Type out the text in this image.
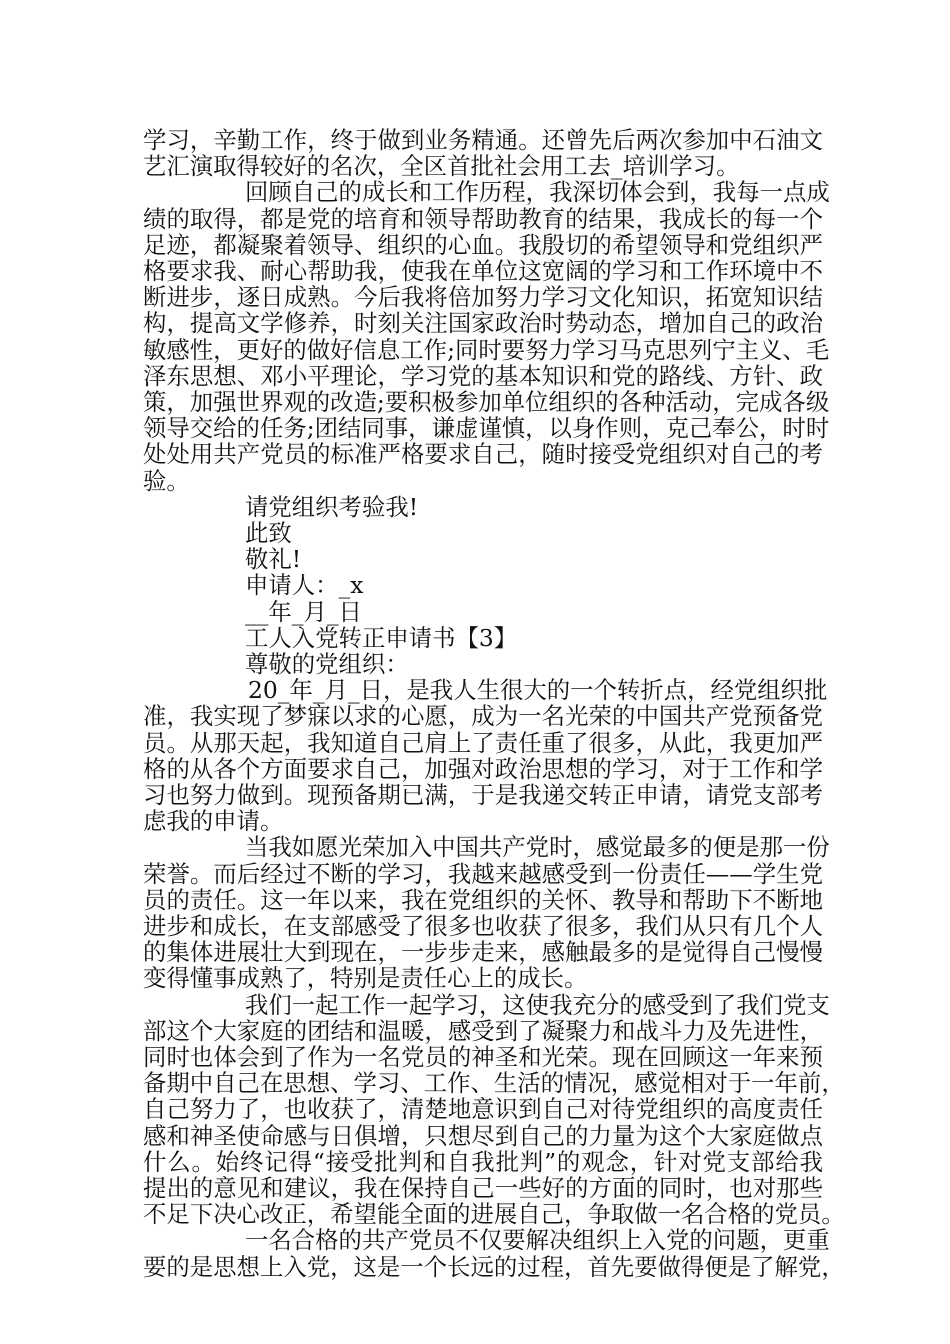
学习，辛勤工作，终于做到业务精通。还曾先后两次参加中石油文
艺汇演取得较好的名次，全区首批社会用工去_培训学习。
回顾自己的成长和工作历程，我深切体会到，我每一点成
绩的取得，都是党的培育和领导帮助教育的结果，我成长的每一个
足迹，都凝聚着领导、组织的心血。我殷切的希望领导和党组织严
格要求我、耐心帮助我，使我在单位这宽阔的学习和工作环境中不
断进步，逐日成熟。今后我将倍加努力学习文化知识，拓宽知识结
构，提高文学修养，时刻关注国家政治时势动态，增加自己的政治
敏感性，更好的做好信息工作;同时要努力学习马克思列宁主义、毛
泽东思想、邓小平理论，学习党的基本知识和党的路线、方针、政
策，加强世界观的改造;要积极参加单位组织的各种活动，完成各级
领导交给的任务;团结同事，谦虚谨慎，以身作则，克己奉公，时时
处处用共产党员的标准严格要求自己，随时接受党组织对自己的考
验。
请党组织考验我!
此致
敬礼!
申请人：_x
__年_月_日
工人入党转正申请书【3】
尊敬的党组织：
20_年_月_日，是我人生很大的一个转折点，经党组织批
准，我实现了梦寐以求的心愿，成为一名光荣的中国共产党预备党
员。从那天起，我知道自己肩上了责任重了很多，从此，我更加严
格的从各个方面要求自己，加强对政治思想的学习，对于工作和学
习也努力做到。现预备期已满，于是我递交转正申请，请党支部考
虑我的申请。
当我如愿光荣加入中国共产党时，感觉最多的便是那一份
荣誉。而后经过不断的学习，我越来越感受到一份责任——学生党
员的责任。这一年以来，我在党组织的关怀、教导和帮助下不断地
进步和成长，在支部感受了很多也收获了很多，我们从只有几个人
的集体进展壮大到现在，一步步走来，感触最多的是觉得自己慢慢
变得懂事成熟了，特别是责任心上的成长。
我们一起工作一起学习，这使我充分的感受到了我们党支
部这个大家庭的团结和温暖，感受到了凝聚力和战斗力及先进性，
同时也体会到了作为一名党员的神圣和光荣。现在回顾这一年来预
备期中自己在思想、学习、工作、生活的情况，感觉相对于一年前，
自己努力了，也收获了，清楚地意识到自己对待党组织的高度责任
感和神圣使命感与日俱增，只想尽到自己的力量为这个大家庭做点
什么。始终记得“接受批判和自我批判”的观念，针对党支部给我
提出的意见和建议，我在保持自己一些好的方面的同时，也对那些
不足下决心改正，希望能全面的进展自己，争取做一名合格的党员。
一名合格的共产党员不仅要解决组织上入党的问题，更重
要的是思想上入党，这是一个长远的过程，首先要做得便是了解党，
